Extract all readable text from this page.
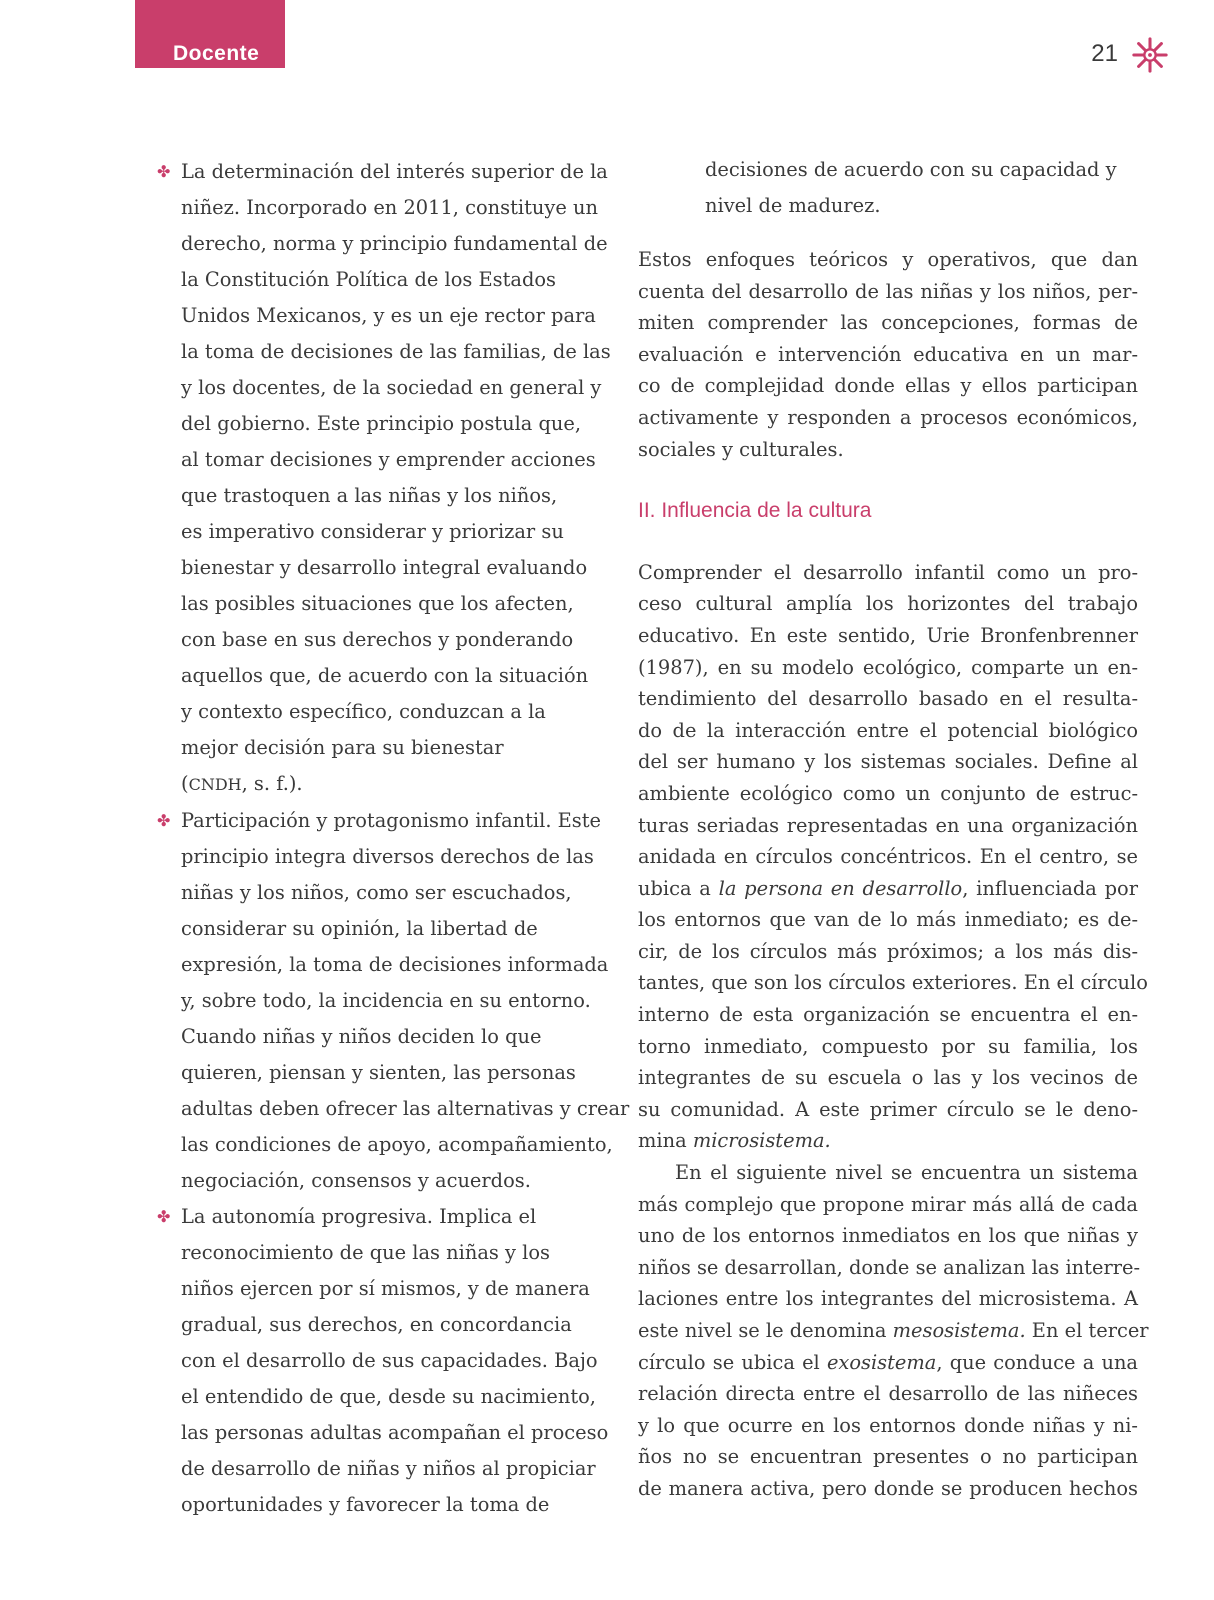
Docente	21
✤ La determinación del interés superior de la
niñez. Incorporado en 2011, constituye un
derecho, norma y principio fundamental de
la Constitución Política de los Estados
Unidos Mexicanos, y es un eje rector para
la toma de decisiones de las familias, de las
y los docentes, de la sociedad en general y
del gobierno. Este principio postula que,
al tomar decisiones y emprender acciones
que trastoquen a las niñas y los niños,
es imperativo considerar y priorizar su
bienestar y desarrollo integral evaluando
las posibles situaciones que los afecten,
con base en sus derechos y ponderando
aquellos que, de acuerdo con la situación
y contexto específico, conduzcan a la
mejor decisión para su bienestar
(CNDH, s. f.).
✤ Participación y protagonismo infantil. Este
principio integra diversos derechos de las
niñas y los niños, como ser escuchados,
considerar su opinión, la libertad de
expresión, la toma de decisiones informada
y, sobre todo, la incidencia en su entorno.
Cuando niñas y niños deciden lo que
quieren, piensan y sienten, las personas
adultas deben ofrecer las alternativas y crear
las condiciones de apoyo, acompañamiento,
negociación, consensos y acuerdos.
✤ La autonomía progresiva. Implica el
reconocimiento de que las niñas y los
niños ejercen por sí mismos, y de manera
gradual, sus derechos, en concordancia
con el desarrollo de sus capacidades. Bajo
el entendido de que, desde su nacimiento,
las personas adultas acompañan el proceso
de desarrollo de niñas y niños al propiciar
oportunidades y favorecer la toma de
decisiones de acuerdo con su capacidad y
nivel de madurez.
Estos enfoques teóricos y operativos, que dan
cuenta del desarrollo de las niñas y los niños, per-
miten comprender las concepciones, formas de
evaluación e intervención educativa en un mar-
co de complejidad donde ellas y ellos participan
activamente y responden a procesos económicos,
sociales y culturales.
II. Influencia de la cultura
Comprender el desarrollo infantil como un pro-
ceso cultural amplía los horizontes del trabajo
educativo. En este sentido, Urie Bronfenbrenner
(1987), en su modelo ecológico, comparte un en-
tendimiento del desarrollo basado en el resulta-
do de la interacción entre el potencial biológico
del ser humano y los sistemas sociales. Define al
ambiente ecológico como un conjunto de estruc-
turas seriadas representadas en una organización
anidada en círculos concéntricos. En el centro, se
ubica a la persona en desarrollo, influenciada por
los entornos que van de lo más inmediato; es de-
cir, de los círculos más próximos; a los más dis-
tantes, que son los círculos exteriores. En el círculo
interno de esta organización se encuentra el en-
torno inmediato, compuesto por su familia, los
integrantes de su escuela o las y los vecinos de
su comunidad. A este primer círculo se le deno-
mina microsistema.
En el siguiente nivel se encuentra un sistema
más complejo que propone mirar más allá de cada
uno de los entornos inmediatos en los que niñas y
niños se desarrollan, donde se analizan las interre-
laciones entre los integrantes del microsistema. A
este nivel se le denomina mesosistema. En el tercer
círculo se ubica el exosistema, que conduce a una
relación directa entre el desarrollo de las niñeces
y lo que ocurre en los entornos donde niñas y ni-
ños no se encuentran presentes o no participan
de manera activa, pero donde se producen hechos
